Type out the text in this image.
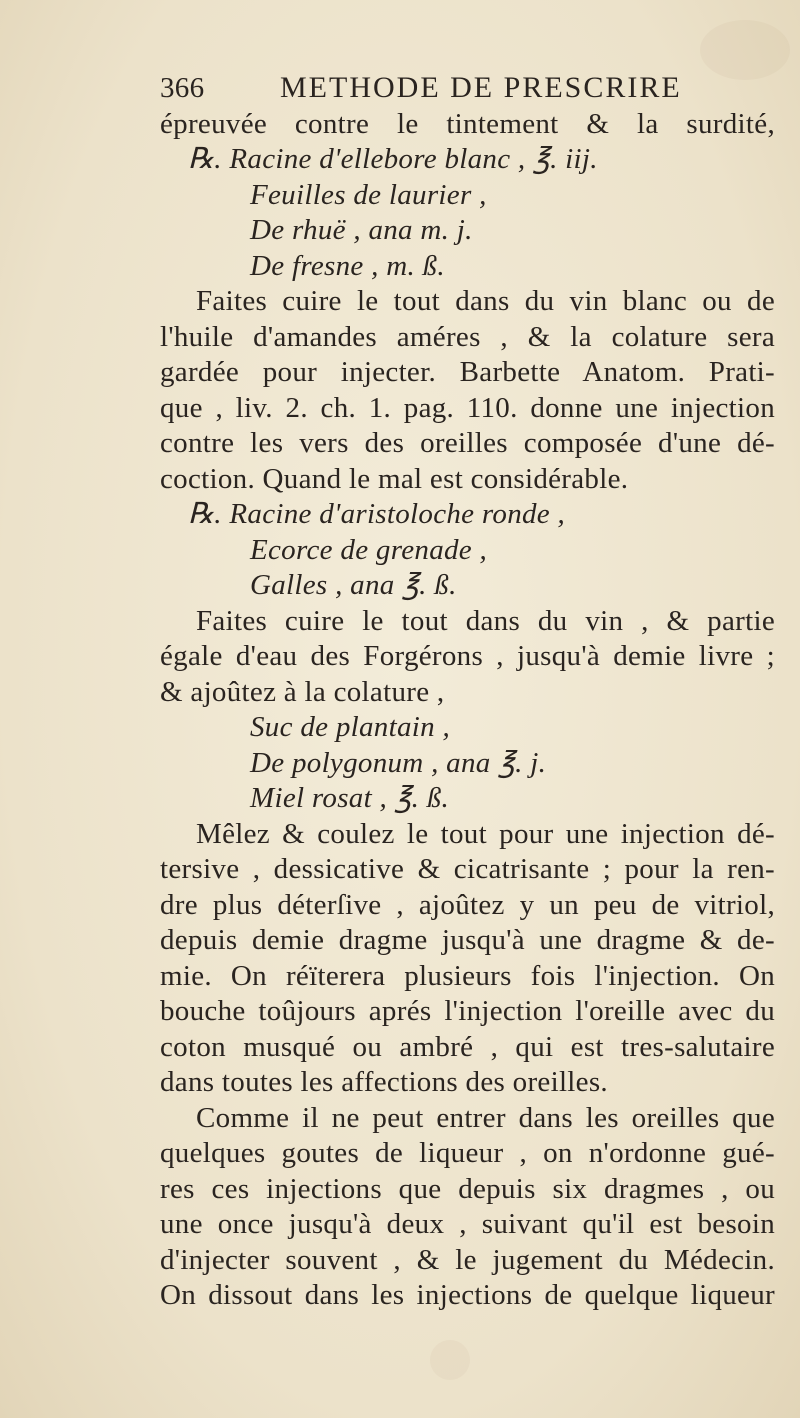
366	METHODE DE PRESCRIRE
épreuvée contre le tintement & la surdité,
℞. Racine d'ellebore blanc , ℥. iij.
Feuilles de laurier ,
De rhuë , ana m. j.
De fresne , m. ß.
Faites cuire le tout dans du vin blanc ou de
l'huile d'amandes améres , & la colature sera
gardée pour injecter. Barbette Anatom. Prati-
que , liv. 2. ch. 1. pag. 110. donne une injection
contre les vers des oreilles composée d'une dé-
coction. Quand le mal est considérable.
℞. Racine d'aristoloche ronde ,
Ecorce de grenade ,
Galles , ana ℥. ß.
Faites cuire le tout dans du vin , & partie
égale d'eau des Forgérons , jusqu'à demie livre ;
& ajoûtez à la colature ,
Suc de plantain ,
De polygonum , ana ℥. j.
Miel rosat , ℥. ß.
Mêlez & coulez le tout pour une injection dé-
tersive , dessicative & cicatrisante ; pour la ren-
dre plus déterſive , ajoûtez y un peu de vitriol,
depuis demie dragme jusqu'à une dragme & de-
mie. On réïterera plusieurs fois l'injection. On
bouche toûjours aprés l'injection l'oreille avec du
coton musqué ou ambré , qui est tres-salutaire
dans toutes les affections des oreilles.
Comme il ne peut entrer dans les oreilles que
quelques goutes de liqueur , on n'ordonne gué-
res ces injections que depuis six dragmes , ou
une once jusqu'à deux , suivant qu'il est besoin
d'injecter souvent , & le jugement du Médecin.
On dissout dans les injections de quelque liqueur
